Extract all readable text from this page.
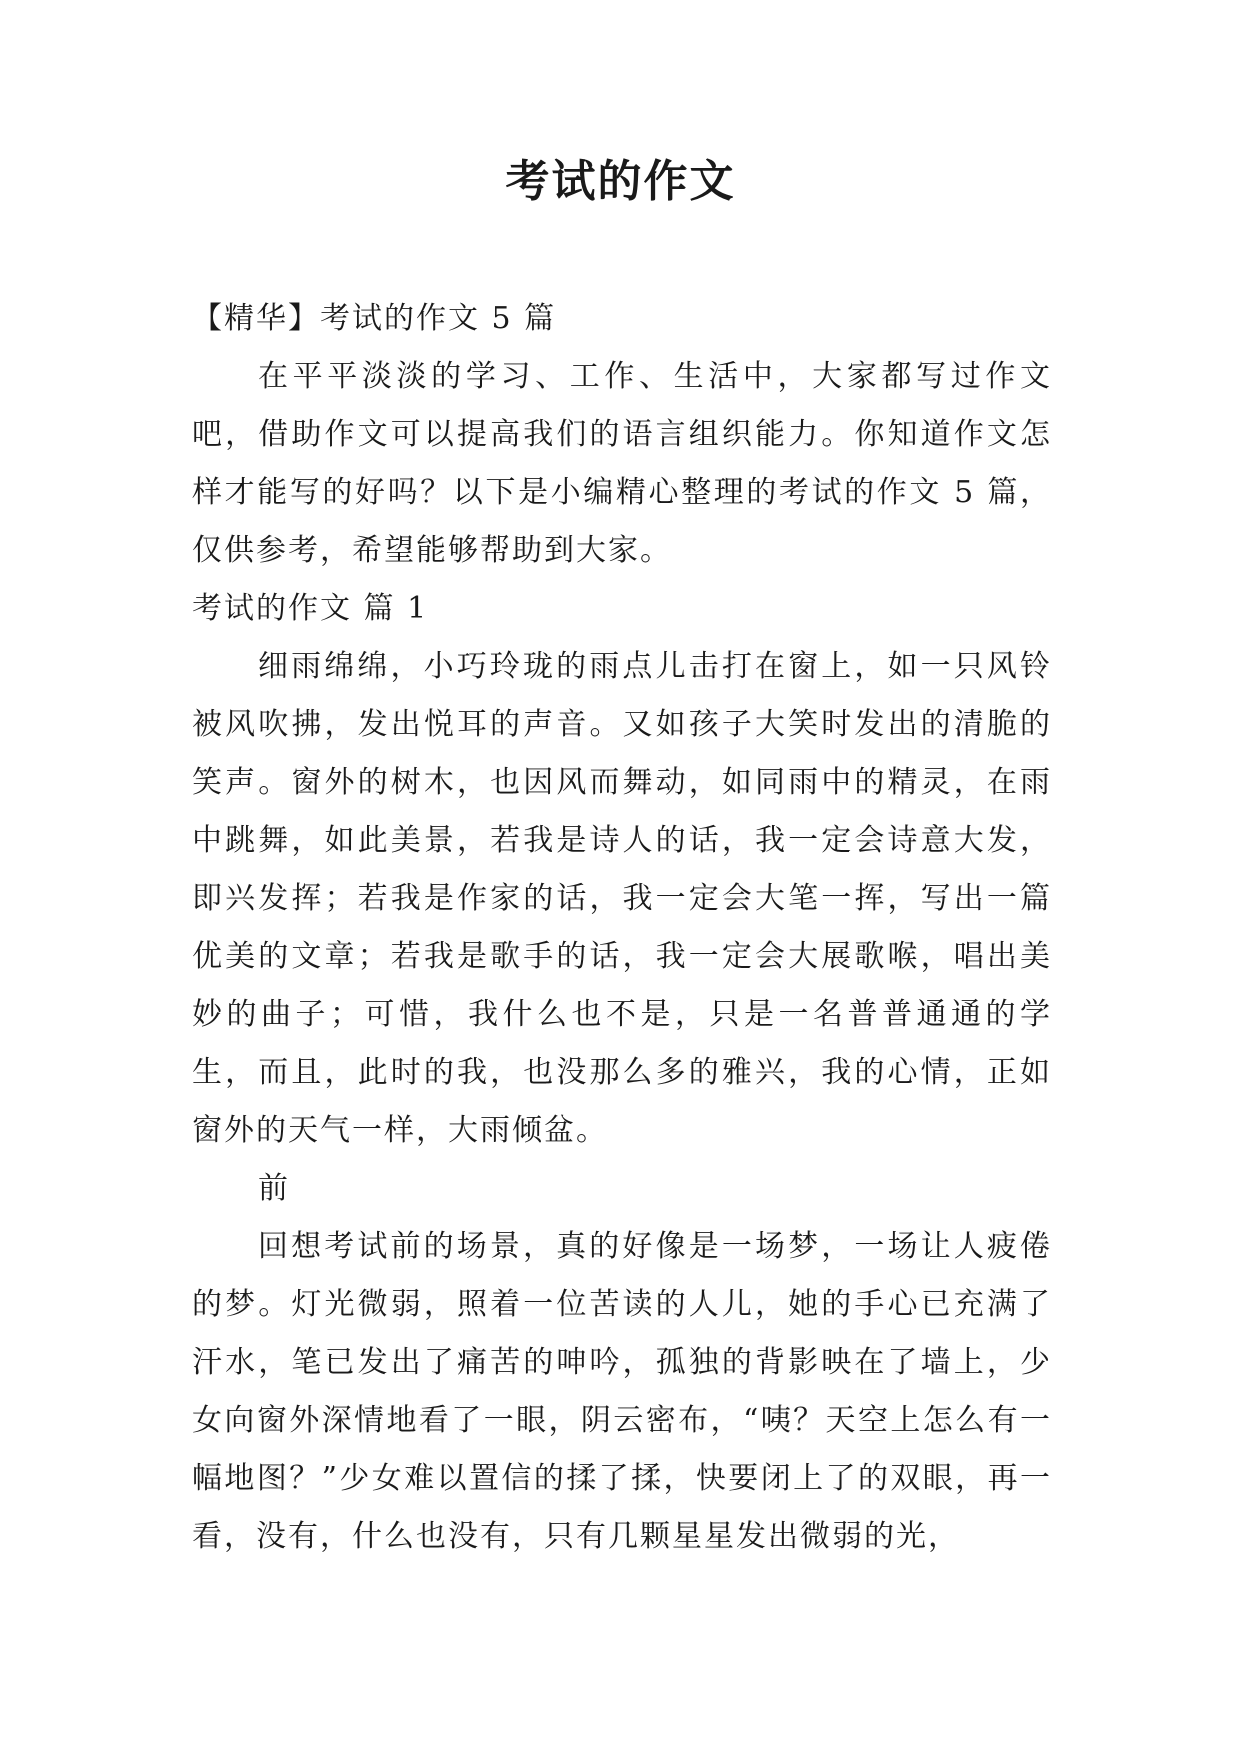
考试的作文

【精华】考试的作文 5 篇

在平平淡淡的学习、工作、生活中，大家都写过作文吧，借助作文可以提高我们的语言组织能力。你知道作文怎样才能写的好吗？以下是小编精心整理的考试的作文 5 篇，仅供参考，希望能够帮助到大家。

考试的作文 篇 1

细雨绵绵，小巧玲珑的雨点儿击打在窗上，如一只风铃被风吹拂，发出悦耳的声音。又如孩子大笑时发出的清脆的笑声。窗外的树木，也因风而舞动，如同雨中的精灵，在雨中跳舞，如此美景，若我是诗人的话，我一定会诗意大发，即兴发挥；若我是作家的话，我一定会大笔一挥，写出一篇优美的文章；若我是歌手的话，我一定会大展歌喉，唱出美妙的曲子；可惜，我什么也不是，只是一名普普通通的学生，而且，此时的我，也没那么多的雅兴，我的心情，正如窗外的天气一样，大雨倾盆。

前

回想考试前的场景，真的好像是一场梦，一场让人疲倦的梦。灯光微弱，照着一位苦读的人儿，她的手心已充满了汗水，笔已发出了痛苦的呻吟，孤独的背影映在了墙上，少女向窗外深情地看了一眼，阴云密布，“咦？天空上怎么有一幅地图？”少女难以置信的揉了揉，快要闭上了的双眼，再一看，没有，什么也没有，只有几颗星星发出微弱的光，
